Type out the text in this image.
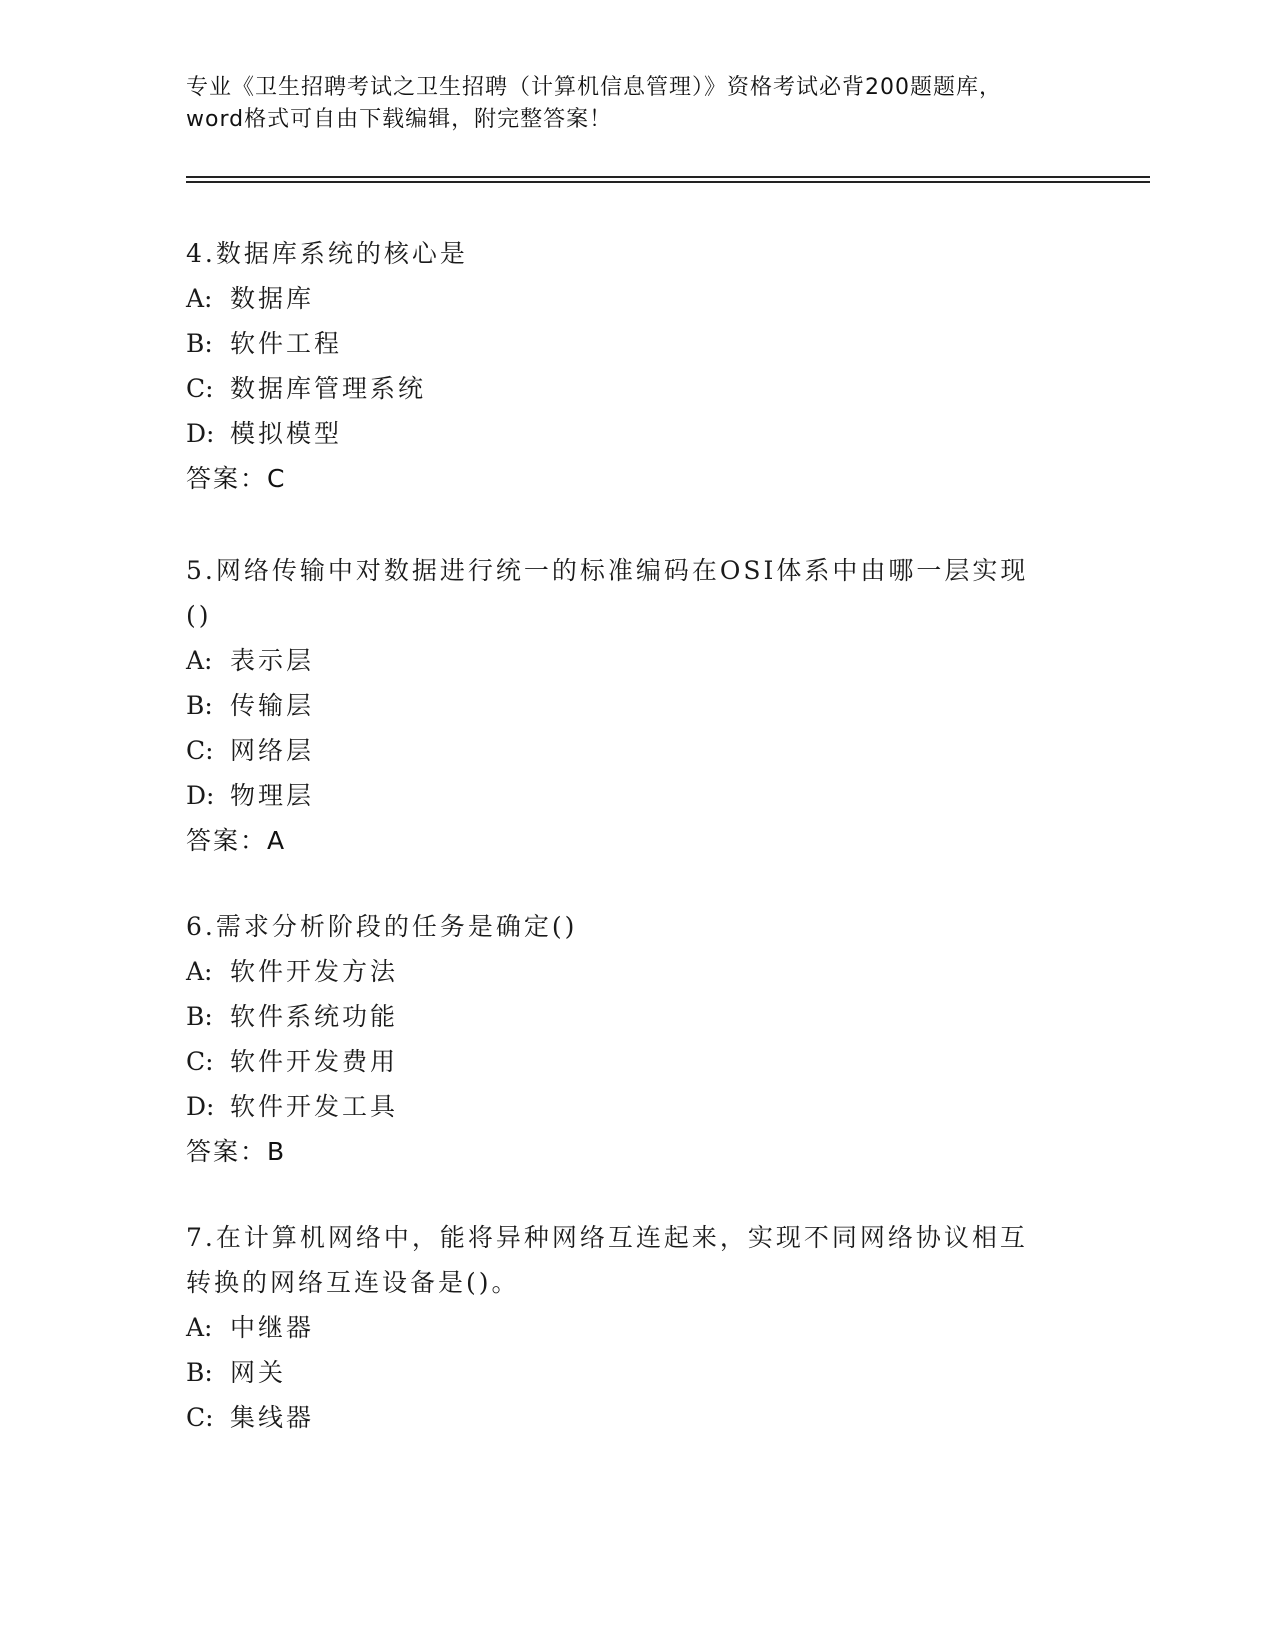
专业《卫生招聘考试之卫生招聘（计算机信息管理）》资格考试必背200题题库，
word格式可自由下载编辑，附完整答案！
4.数据库系统的核心是
A: 数据库
B: 软件工程
C: 数据库管理系统
D: 模拟模型
答案：C
5.网络传输中对数据进行统一的标准编码在OSI体系中由哪一层实现
()
A: 表示层
B: 传输层
C: 网络层
D: 物理层
答案：A
6.需求分析阶段的任务是确定()
A: 软件开发方法
B: 软件系统功能
C: 软件开发费用
D: 软件开发工具
答案：B
7.在计算机网络中，能将异种网络互连起来，实现不同网络协议相互
转换的网络互连设备是()。
A: 中继器
B: 网关
C: 集线器
